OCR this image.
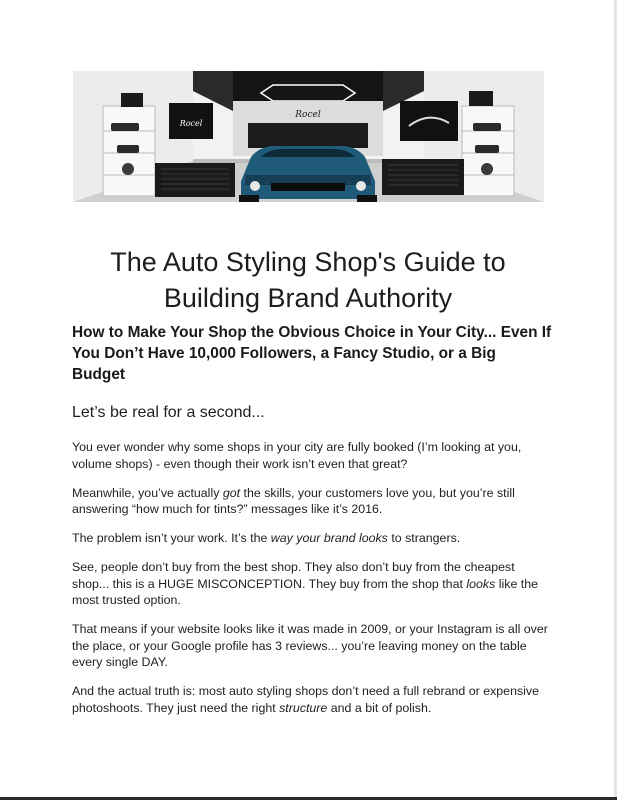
Rocel
Rocel
The Auto Styling Shop's Guide to
Building Brand Authority
How to Make Your Shop the Obvious Choice in Your City... Even If You Don’t Have 10,000 Followers, a Fancy Studio, or a Big Budget
Let’s be real for a second...

You ever wonder why some shops in your city are fully booked (I’m looking at you, volume shops) - even though their work isn’t even that great?

Meanwhile, you’ve actually got the skills, your customers love you, but you’re still answering “how much for tints?” messages like it’s 2016.

The problem isn’t your work. It’s the way your brand looks to strangers.

See, people don’t buy from the best shop. They also don’t buy from the cheapest shop... this is a HUGE MISCONCEPTION. They buy from the shop that looks like the most trusted option.

That means if your website looks like it was made in 2009, or your Instagram is all over the place, or your Google profile has 3 reviews... you’re leaving money on the table every single DAY.

And the actual truth is: most auto styling shops don’t need a full rebrand or expensive photoshoots. They just need the right structure and a bit of polish.
